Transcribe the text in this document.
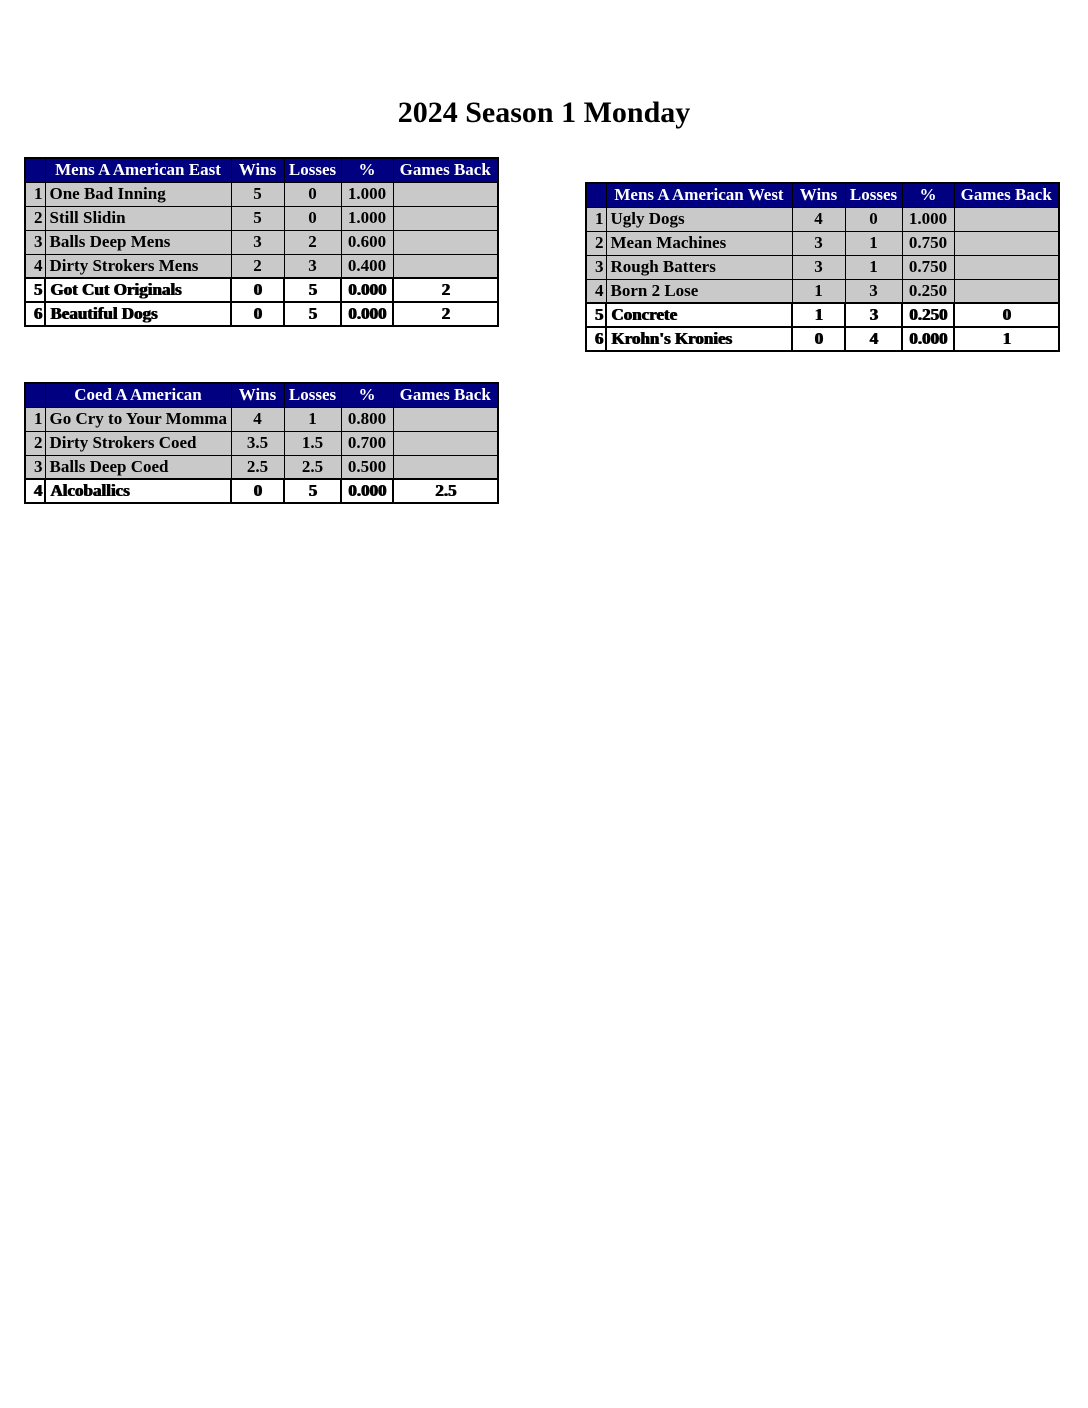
2024 Season 1 Monday
	Mens A American East	Wins	Losses	%	Games Back
1	One Bad Inning	5	0	1.000	
2	Still Slidin	5	0	1.000	
3	Balls Deep Mens	3	2	0.600	
4	Dirty Strokers Mens	2	3	0.400	
5	Got Cut Originals	0	5	0.000	2
6	Beautiful Dogs	0	5	0.000	2
	Mens A American West	Wins	Losses	%	Games Back
1	Ugly Dogs	4	0	1.000	
2	Mean Machines	3	1	0.750	
3	Rough Batters	3	1	0.750	
4	Born 2 Lose	1	3	0.250	
5	Concrete	1	3	0.250	0
6	Krohn's Kronies	0	4	0.000	1
	Coed A American	Wins	Losses	%	Games Back
1	Go Cry to Your Momma	4	1	0.800	
2	Dirty Strokers Coed	3.5	1.5	0.700	
3	Balls Deep Coed	2.5	2.5	0.500	
4	Alcoballics	0	5	0.000	2.5
